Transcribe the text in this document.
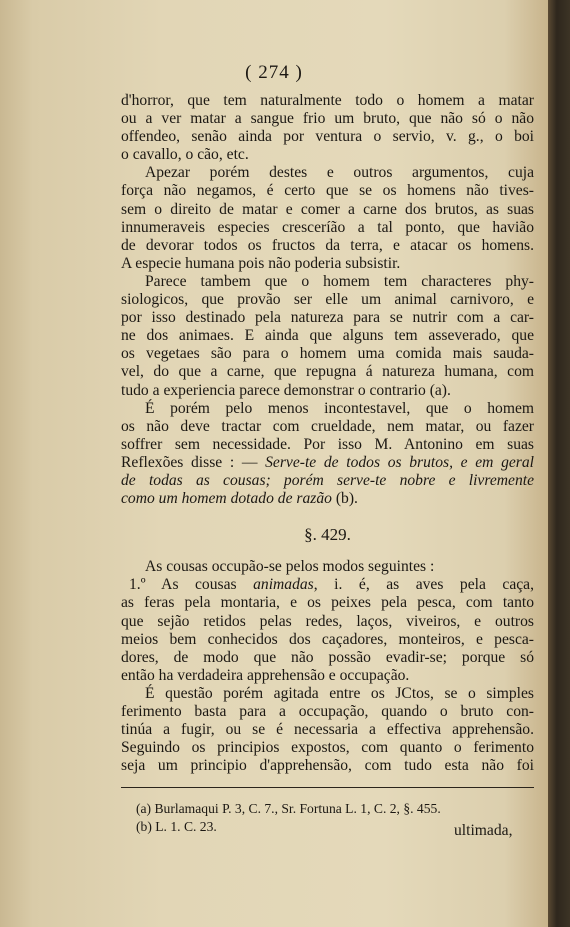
( 274 )

d'horror, que tem naturalmente todo o homem a matar
ou a ver matar a sangue frio um bruto, que não só o não
offendeo, senão ainda por ventura o servio, v. g., o boi
o cavallo, o cão, etc.

Apezar porém destes e outros argumentos, cuja
força não negamos, é certo que se os homens não tives-
sem o direito de matar e comer a carne dos brutos, as suas
innumeraveis especies cresceríão a tal ponto, que havião
de devorar todos os fructos da terra, e atacar os homens.
A especie humana pois não poderia subsistir.

Parece tambem que o homem tem characteres phy-
siologicos, que provão ser elle um animal carnivoro, e
por isso destinado pela natureza para se nutrir com a car-
ne dos animaes. E ainda que alguns tem asseverado, que
os vegetaes são para o homem uma comida mais sauda-
vel, do que a carne, que repugna á natureza humana, com
tudo a experiencia parece demonstrar o contrario (a).

É porém pelo menos incontestavel, que o homem
os não deve tractar com crueldade, nem matar, ou fazer
soffrer sem necessidade. Por isso M. Antonino em suas
Reflexões disse : — Serve-te de todos os brutos, e em geral
de todas as cousas; porém serve-te nobre e livremente
como um homem dotado de razão (b).

§. 429.

As cousas occupão-se pelos modos seguintes :

1.º As cousas animadas, i. é, as aves pela caça,
as feras pela montaria, e os peixes pela pesca, com tanto
que sejão retidos pelas redes, laços, viveiros, e outros
meios bem conhecidos dos caçadores, monteiros, e pesca-
dores, de modo que não possão evadir-se; porque só
então ha verdadeira apprehensão e occupação.

É questão porém agitada entre os JCtos, se o simples
ferimento basta para a occupação, quando o bruto con-
tinúa a fugir, ou se é necessaria a effectiva apprehensão.
Seguindo os principios expostos, com quanto o ferimento
seja um principio d'apprehensão, com tudo esta não foi

(a) Burlamaqui P. 3, C. 7., Sr. Fortuna L. 1, C. 2, §. 455.
(b) L. 1. C. 23.	ultimada,
